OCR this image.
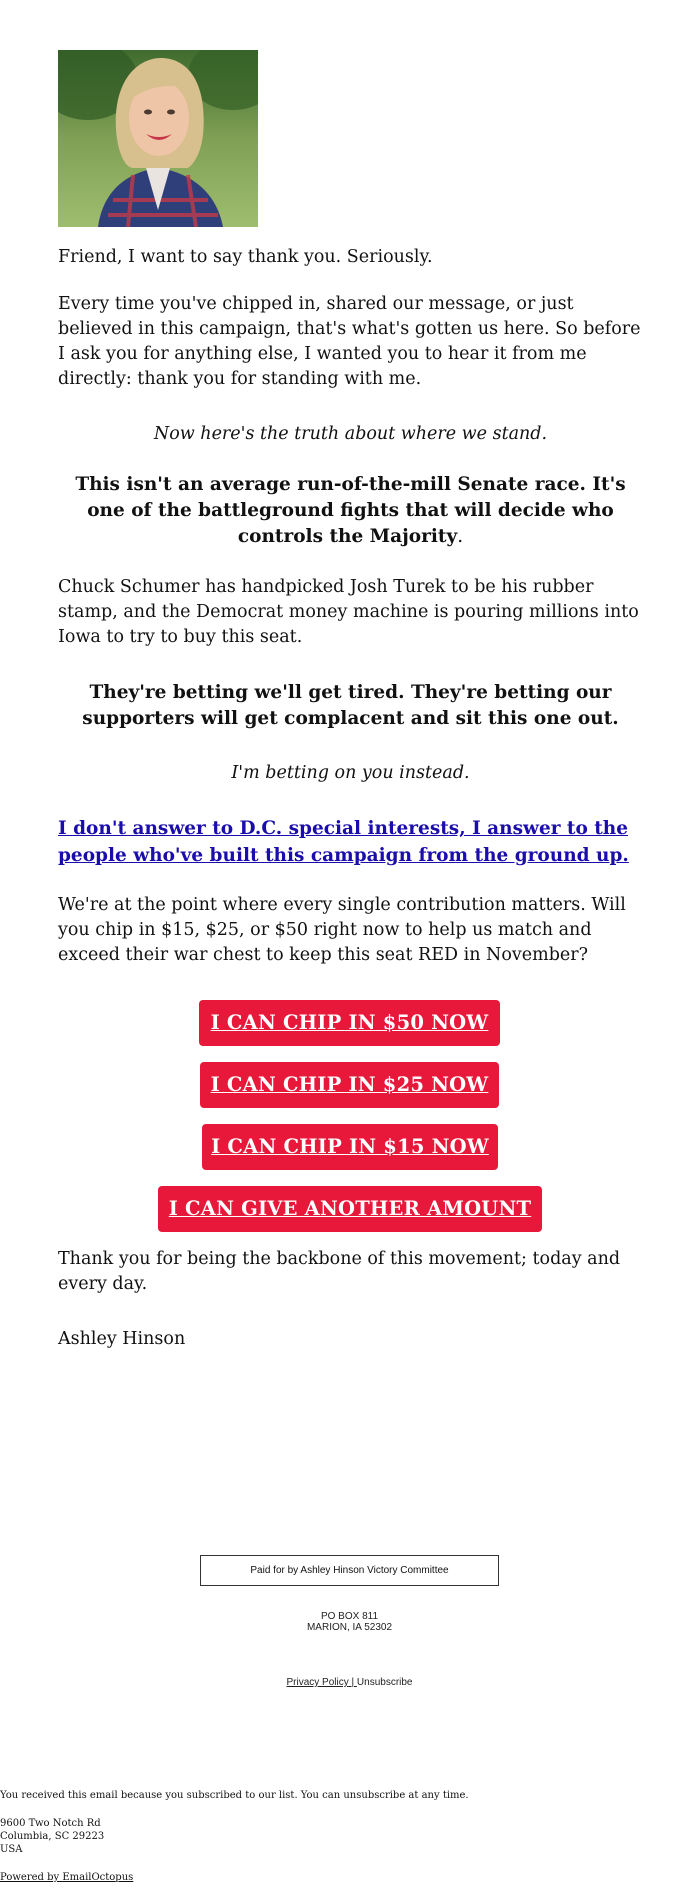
Friend, I want to say thank you. Seriously.

Every time you've chipped in, shared our message, or just believed in this campaign, that's what's gotten us here. So before I ask you for anything else, I wanted you to hear it from me directly: thank you for standing with me.

Now here's the truth about where we stand.

This isn't an average run-of-the-mill Senate race. It's one of the battleground fights that will decide who controls the Majority.

Chuck Schumer has handpicked Josh Turek to be his rubber stamp, and the Democrat money machine is pouring millions into Iowa to try to buy this seat.

They're betting we'll get tired. They're betting our supporters will get complacent and sit this one out.

I'm betting on you instead.

I don't answer to D.C. special interests, I answer to the people who've built this campaign from the ground up.

We're at the point where every single contribution matters. Will you chip in $15, $25, or $50 right now to help us match and exceed their war chest to keep this seat RED in November?

I CAN CHIP IN $50 NOW
I CAN CHIP IN $25 NOW
I CAN CHIP IN $15 NOW
I CAN GIVE ANOTHER AMOUNT

Thank you for being the backbone of this movement; today and every day.

Ashley Hinson

Paid for by Ashley Hinson Victory Committee
PO BOX 811
MARION, IA 52302
Privacy Policy | Unsubscribe
You received this email because you subscribed to our list. You can unsubscribe at any time.
9600 Two Notch Rd
Columbia, SC 29223
USA
Powered by EmailOctopus
